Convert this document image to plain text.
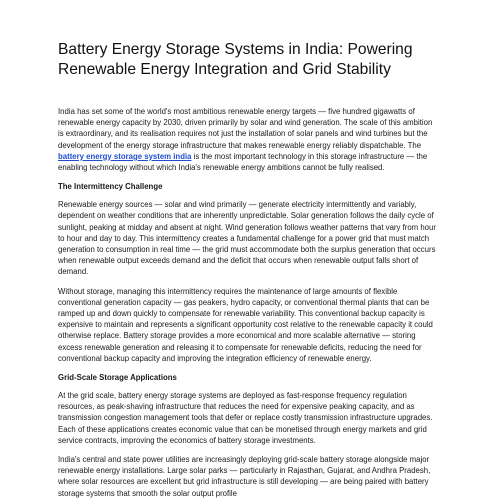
Battery Energy Storage Systems in India: Powering Renewable Energy Integration and Grid Stability

India has set some of the world's most ambitious renewable energy targets — five hundred gigawatts of renewable energy capacity by 2030, driven primarily by solar and wind generation. The scale of this ambition is extraordinary, and its realisation requires not just the installation of solar panels and wind turbines but the development of the energy storage infrastructure that makes renewable energy reliably dispatchable. The battery energy storage system india is the most important technology in this storage infrastructure — the enabling technology without which India's renewable energy ambitions cannot be fully realised.

The Intermittency Challenge

Renewable energy sources — solar and wind primarily — generate electricity intermittently and variably, dependent on weather conditions that are inherently unpredictable. Solar generation follows the daily cycle of sunlight, peaking at midday and absent at night. Wind generation follows weather patterns that vary from hour to hour and day to day. This intermittency creates a fundamental challenge for a power grid that must match generation to consumption in real time — the grid must accommodate both the surplus generation that occurs when renewable output exceeds demand and the deficit that occurs when renewable output falls short of demand.

Without storage, managing this intermittency requires the maintenance of large amounts of flexible conventional generation capacity — gas peakers, hydro capacity, or conventional thermal plants that can be ramped up and down quickly to compensate for renewable variability. This conventional backup capacity is expensive to maintain and represents a significant opportunity cost relative to the renewable capacity it could otherwise replace. Battery storage provides a more economical and more scalable alternative — storing excess renewable generation and releasing it to compensate for renewable deficits, reducing the need for conventional backup capacity and improving the integration efficiency of renewable energy.

Grid-Scale Storage Applications

At the grid scale, battery energy storage systems are deployed as fast-response frequency regulation resources, as peak-shaving infrastructure that reduces the need for expensive peaking capacity, and as transmission congestion management tools that defer or replace costly transmission infrastructure upgrades. Each of these applications creates economic value that can be monetised through energy markets and grid service contracts, improving the economics of battery storage investments.

India's central and state power utilities are increasingly deploying grid-scale battery storage alongside major renewable energy installations. Large solar parks — particularly in Rajasthan, Gujarat, and Andhra Pradesh, where solar resources are excellent but grid infrastructure is still developing — are being paired with battery storage systems that smooth the solar output profile
